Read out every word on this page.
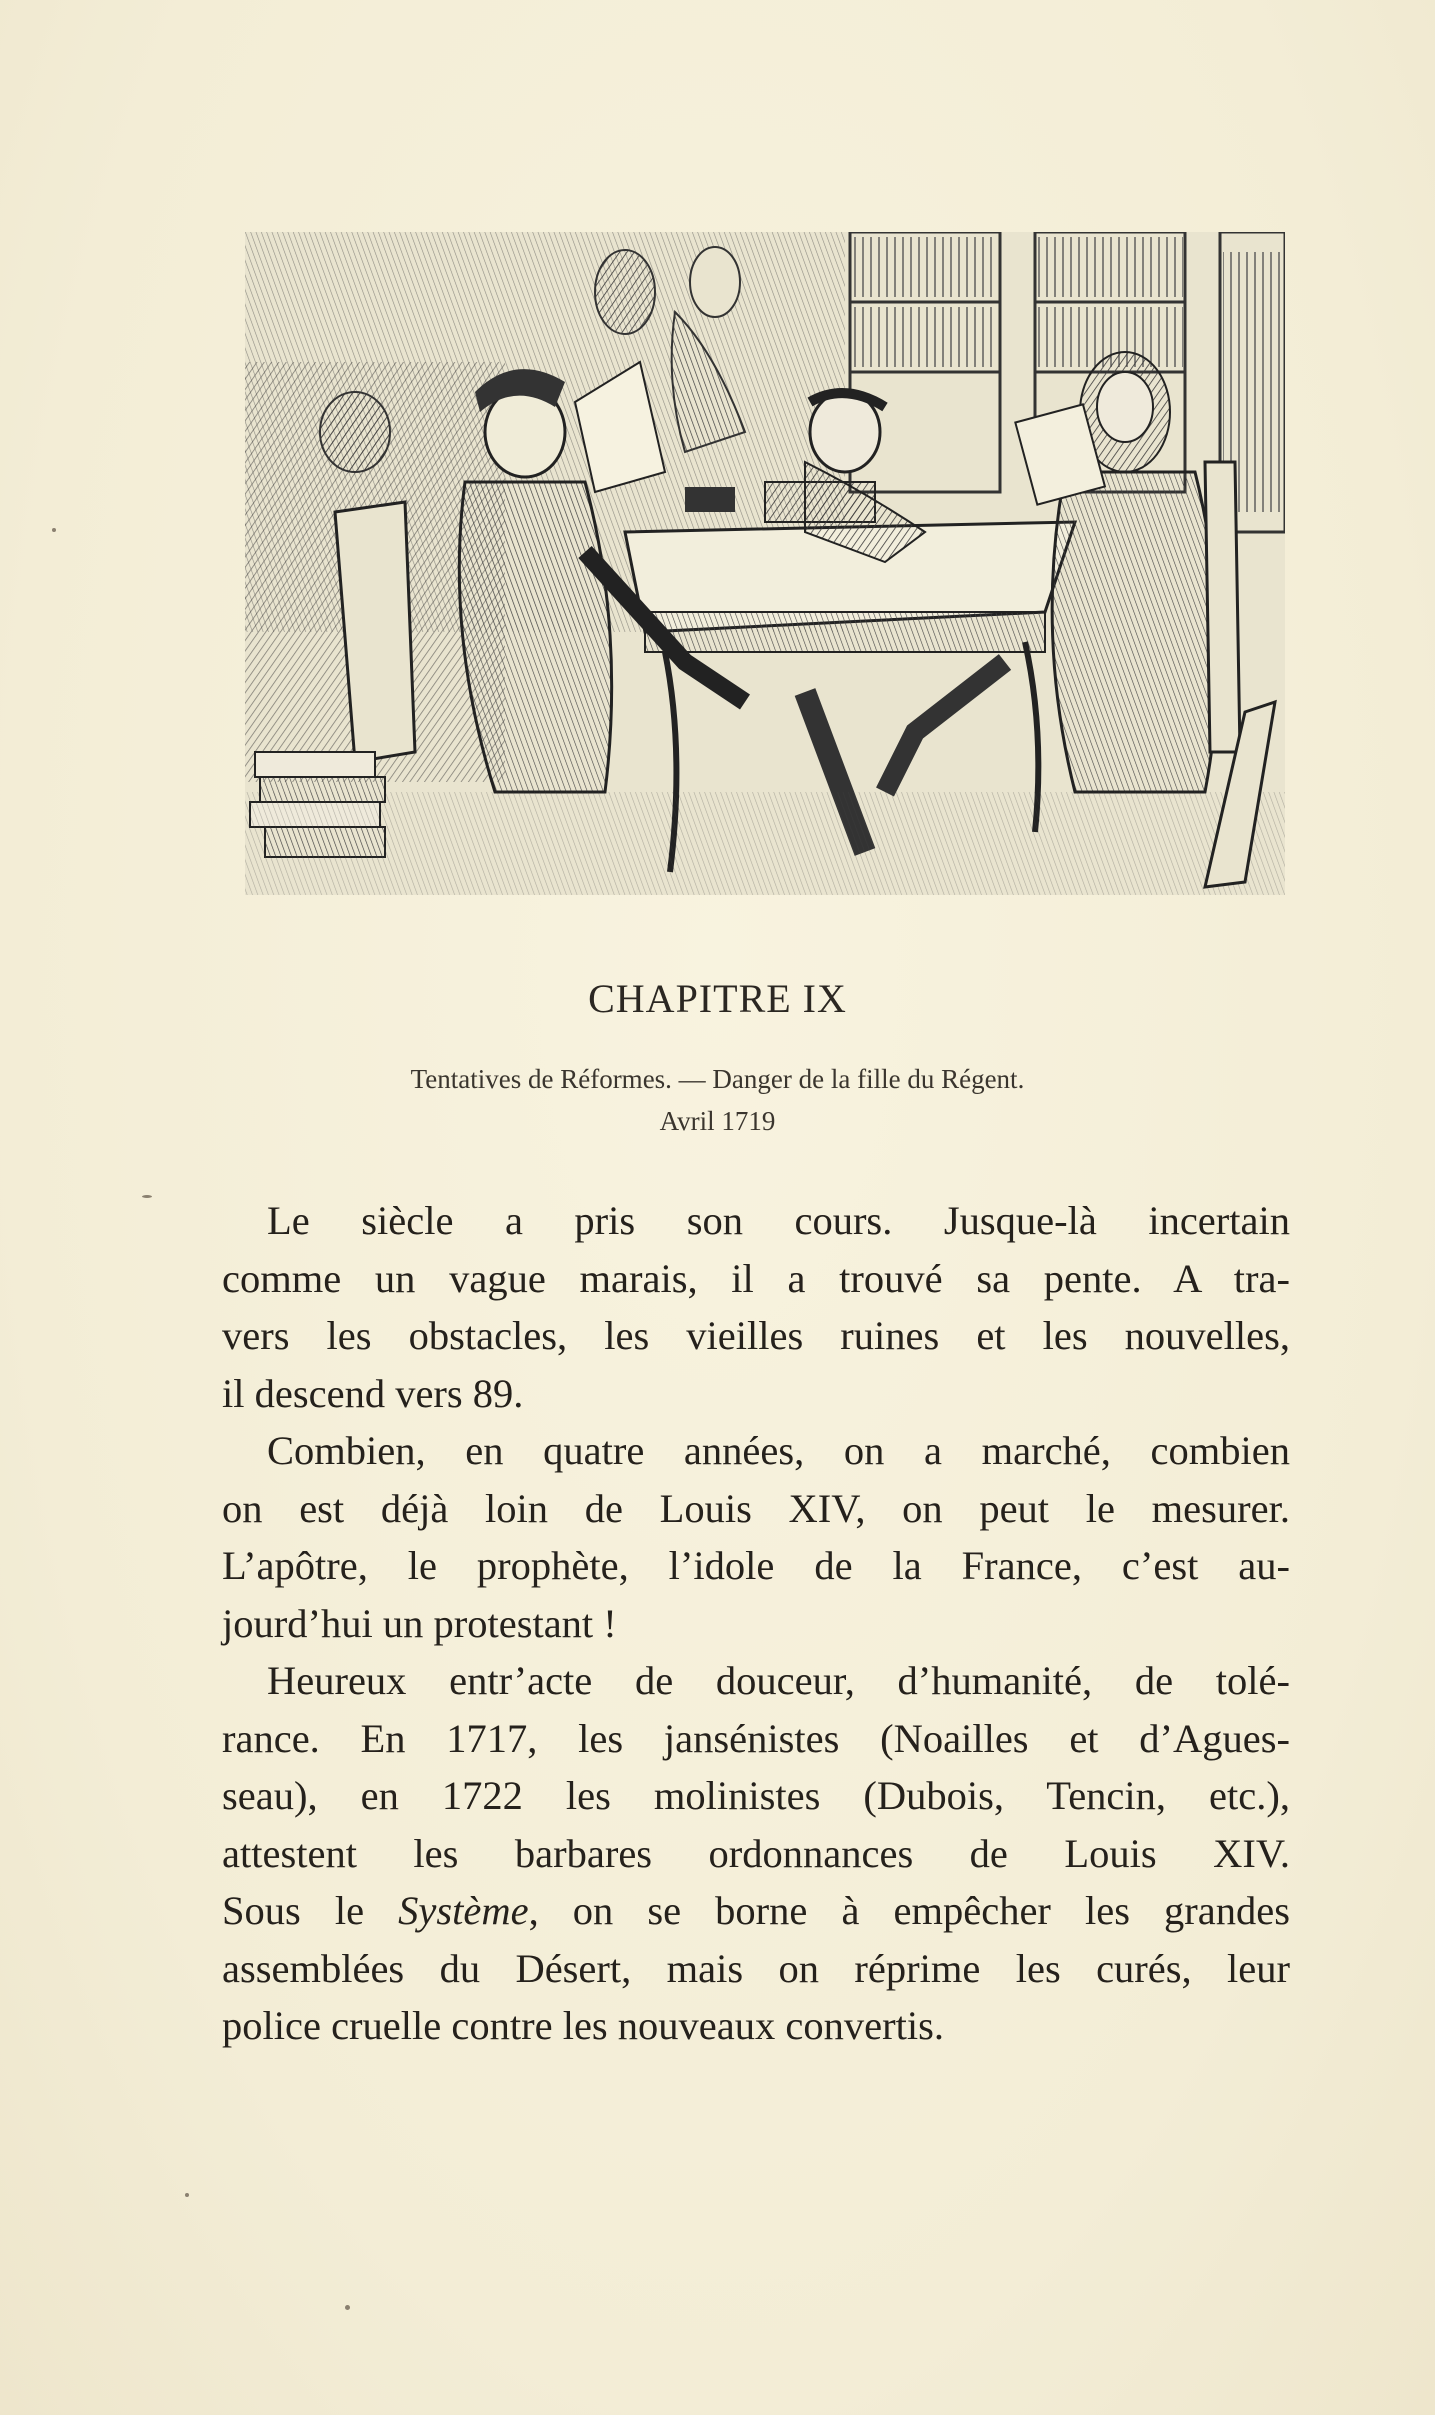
CHAPITRE IX
Tentatives de Réformes. — Danger de la fille du Régent.
Avril 1719

Le siècle a pris son cours. Jusque-là incertain
comme un vague marais, il a trouvé sa pente. A tra-
vers les obstacles, les vieilles ruines et les nouvelles,
il descend vers 89.

Combien, en quatre années, on a marché, combien
on est déjà loin de Louis XIV, on peut le mesurer.
L’apôtre, le prophète, l’idole de la France, c’est au-
jourd’hui un protestant !

Heureux entr’acte de douceur, d’humanité, de tolé-
rance. En 1717, les jansénistes (Noailles et d’Agues-
seau), en 1722 les molinistes (Dubois, Tencin, etc.),
attestent les barbares ordonnances de Louis XIV.
Sous le Système, on se borne à empêcher les grandes
assemblées du Désert, mais on réprime les curés, leur
police cruelle contre les nouveaux convertis.
